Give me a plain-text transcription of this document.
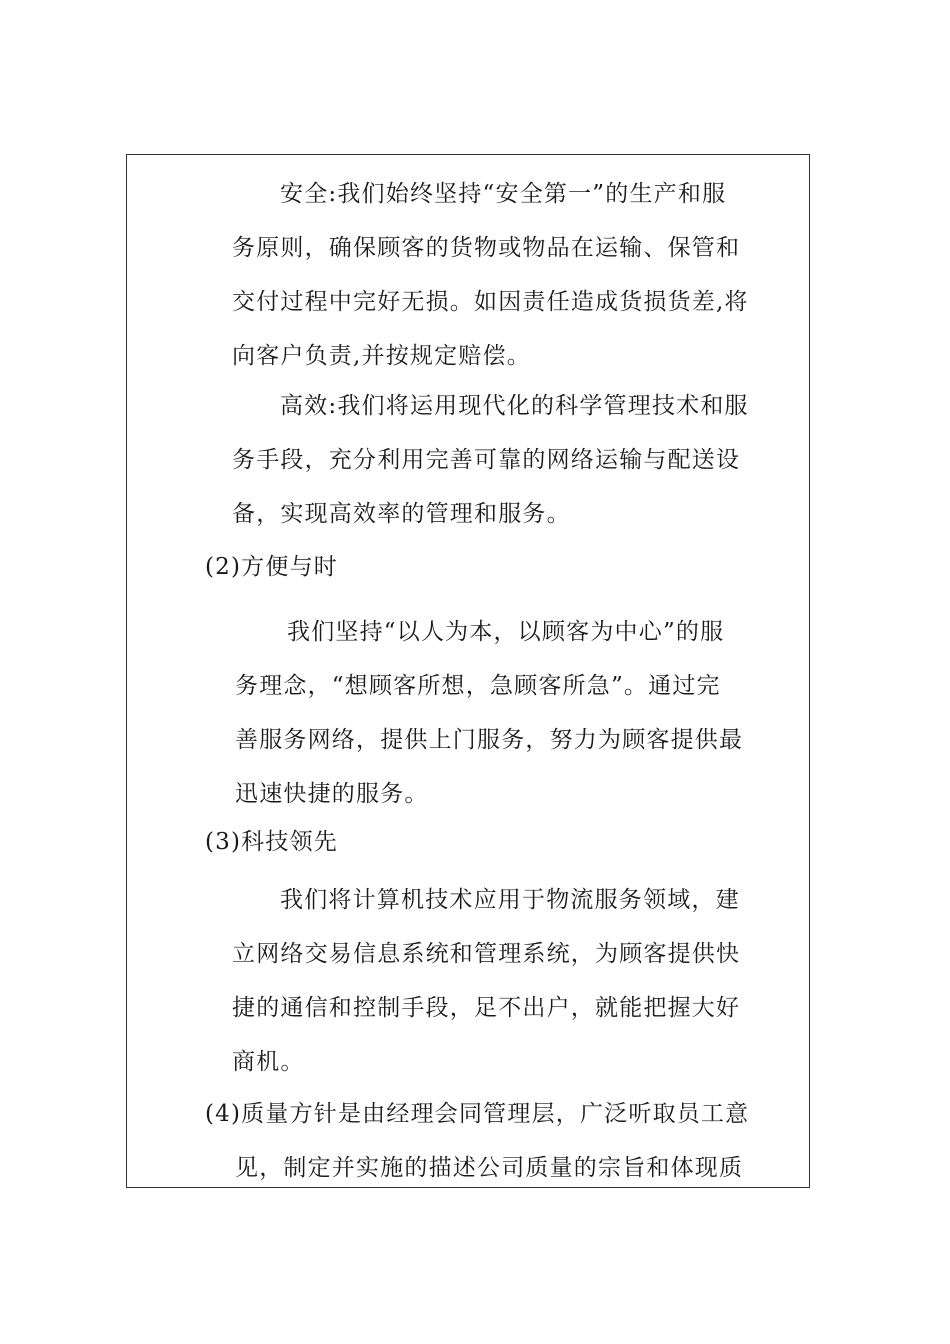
安全:我们始终坚持“安全第一”的生产和服
务原则，确保顾客的货物或物品在运输、保管和
交付过程中完好无损。如因责任造成货损货差,将
向客户负责,并按规定赔偿。
高效:我们将运用现代化的科学管理技术和服
务手段，充分利用完善可靠的网络运输与配送设
备，实现高效率的管理和服务。
(2)方便与时
我们坚持“以人为本，以顾客为中心”的服
务理念，“想顾客所想，急顾客所急”。通过完
善服务网络，提供上门服务，努力为顾客提供最
迅速快捷的服务。
(3)科技领先
我们将计算机技术应用于物流服务领域，建
立网络交易信息系统和管理系统，为顾客提供快
捷的通信和控制手段，足不出户，就能把握大好
商机。
(4)质量方针是由经理会同管理层，广泛听取员工意
见，制定并实施的描述公司质量的宗旨和体现质
